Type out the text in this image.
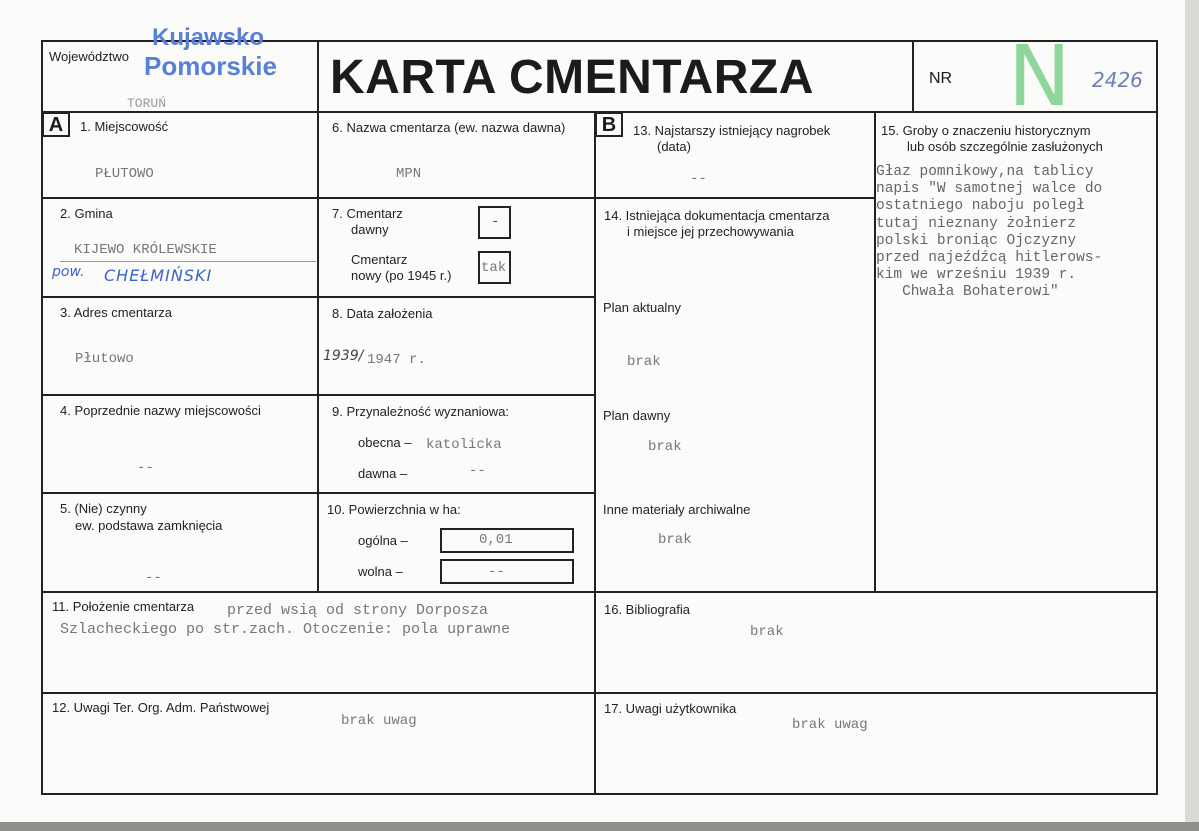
Województwo
Kujawsko
Pomorskie
TORUŃ	KARTA CMENTARZA	NR N 2426
A	B
1. Miejscowość
PŁUTOWO
2. Gmina
KIJEWO KRÓLEWSKIE
pow. CHEŁMIŃSKI
3. Adres cmentarza
Płutowo
4. Poprzednie nazwy miejscowości
--
5. (Nie) czynny
ew. podstawa zamknięcia
--
6. Nazwa cmentarza (ew. nazwa dawna)
MPN
7. Cmentarz
dawny	-
Cmentarz
nowy (po 1945 r.) tak
8. Data założenia
1939/ 1947 r.
9. Przynależność wyznaniowa:
obecna – katolicka
dawna –	--
10. Powierzchnia w ha:
ogólna –	0,01
wolna –	--
11. Położenie cmentarza przed wsią od strony Dorposza
Szlacheckiego po str.zach. Otoczenie: pola uprawne
12. Uwagi Ter. Org. Adm. Państwowej
brak uwag
13. Najstarszy istniejący nagrobek
(data)
--
14. Istniejąca dokumentacja cmentarza
i miejsce jej przechowywania
Plan aktualny
brak
Plan dawny
brak
Inne materiały archiwalne
brak
15. Groby o znaczeniu historycznym
lub osób szczególnie zasłużonych
Głaz pomnikowy,na tablicy
napis "W samotnej walce do
ostatniego naboju poległ
tutaj nieznany żołnierz
polski broniąc Ojczyzny
przed najeźdźcą hitlerows-
kim we wrześniu 1939 r.
Chwała Bohaterowi"
16. Bibliografia
brak
17. Uwagi użytkownika
brak uwag
